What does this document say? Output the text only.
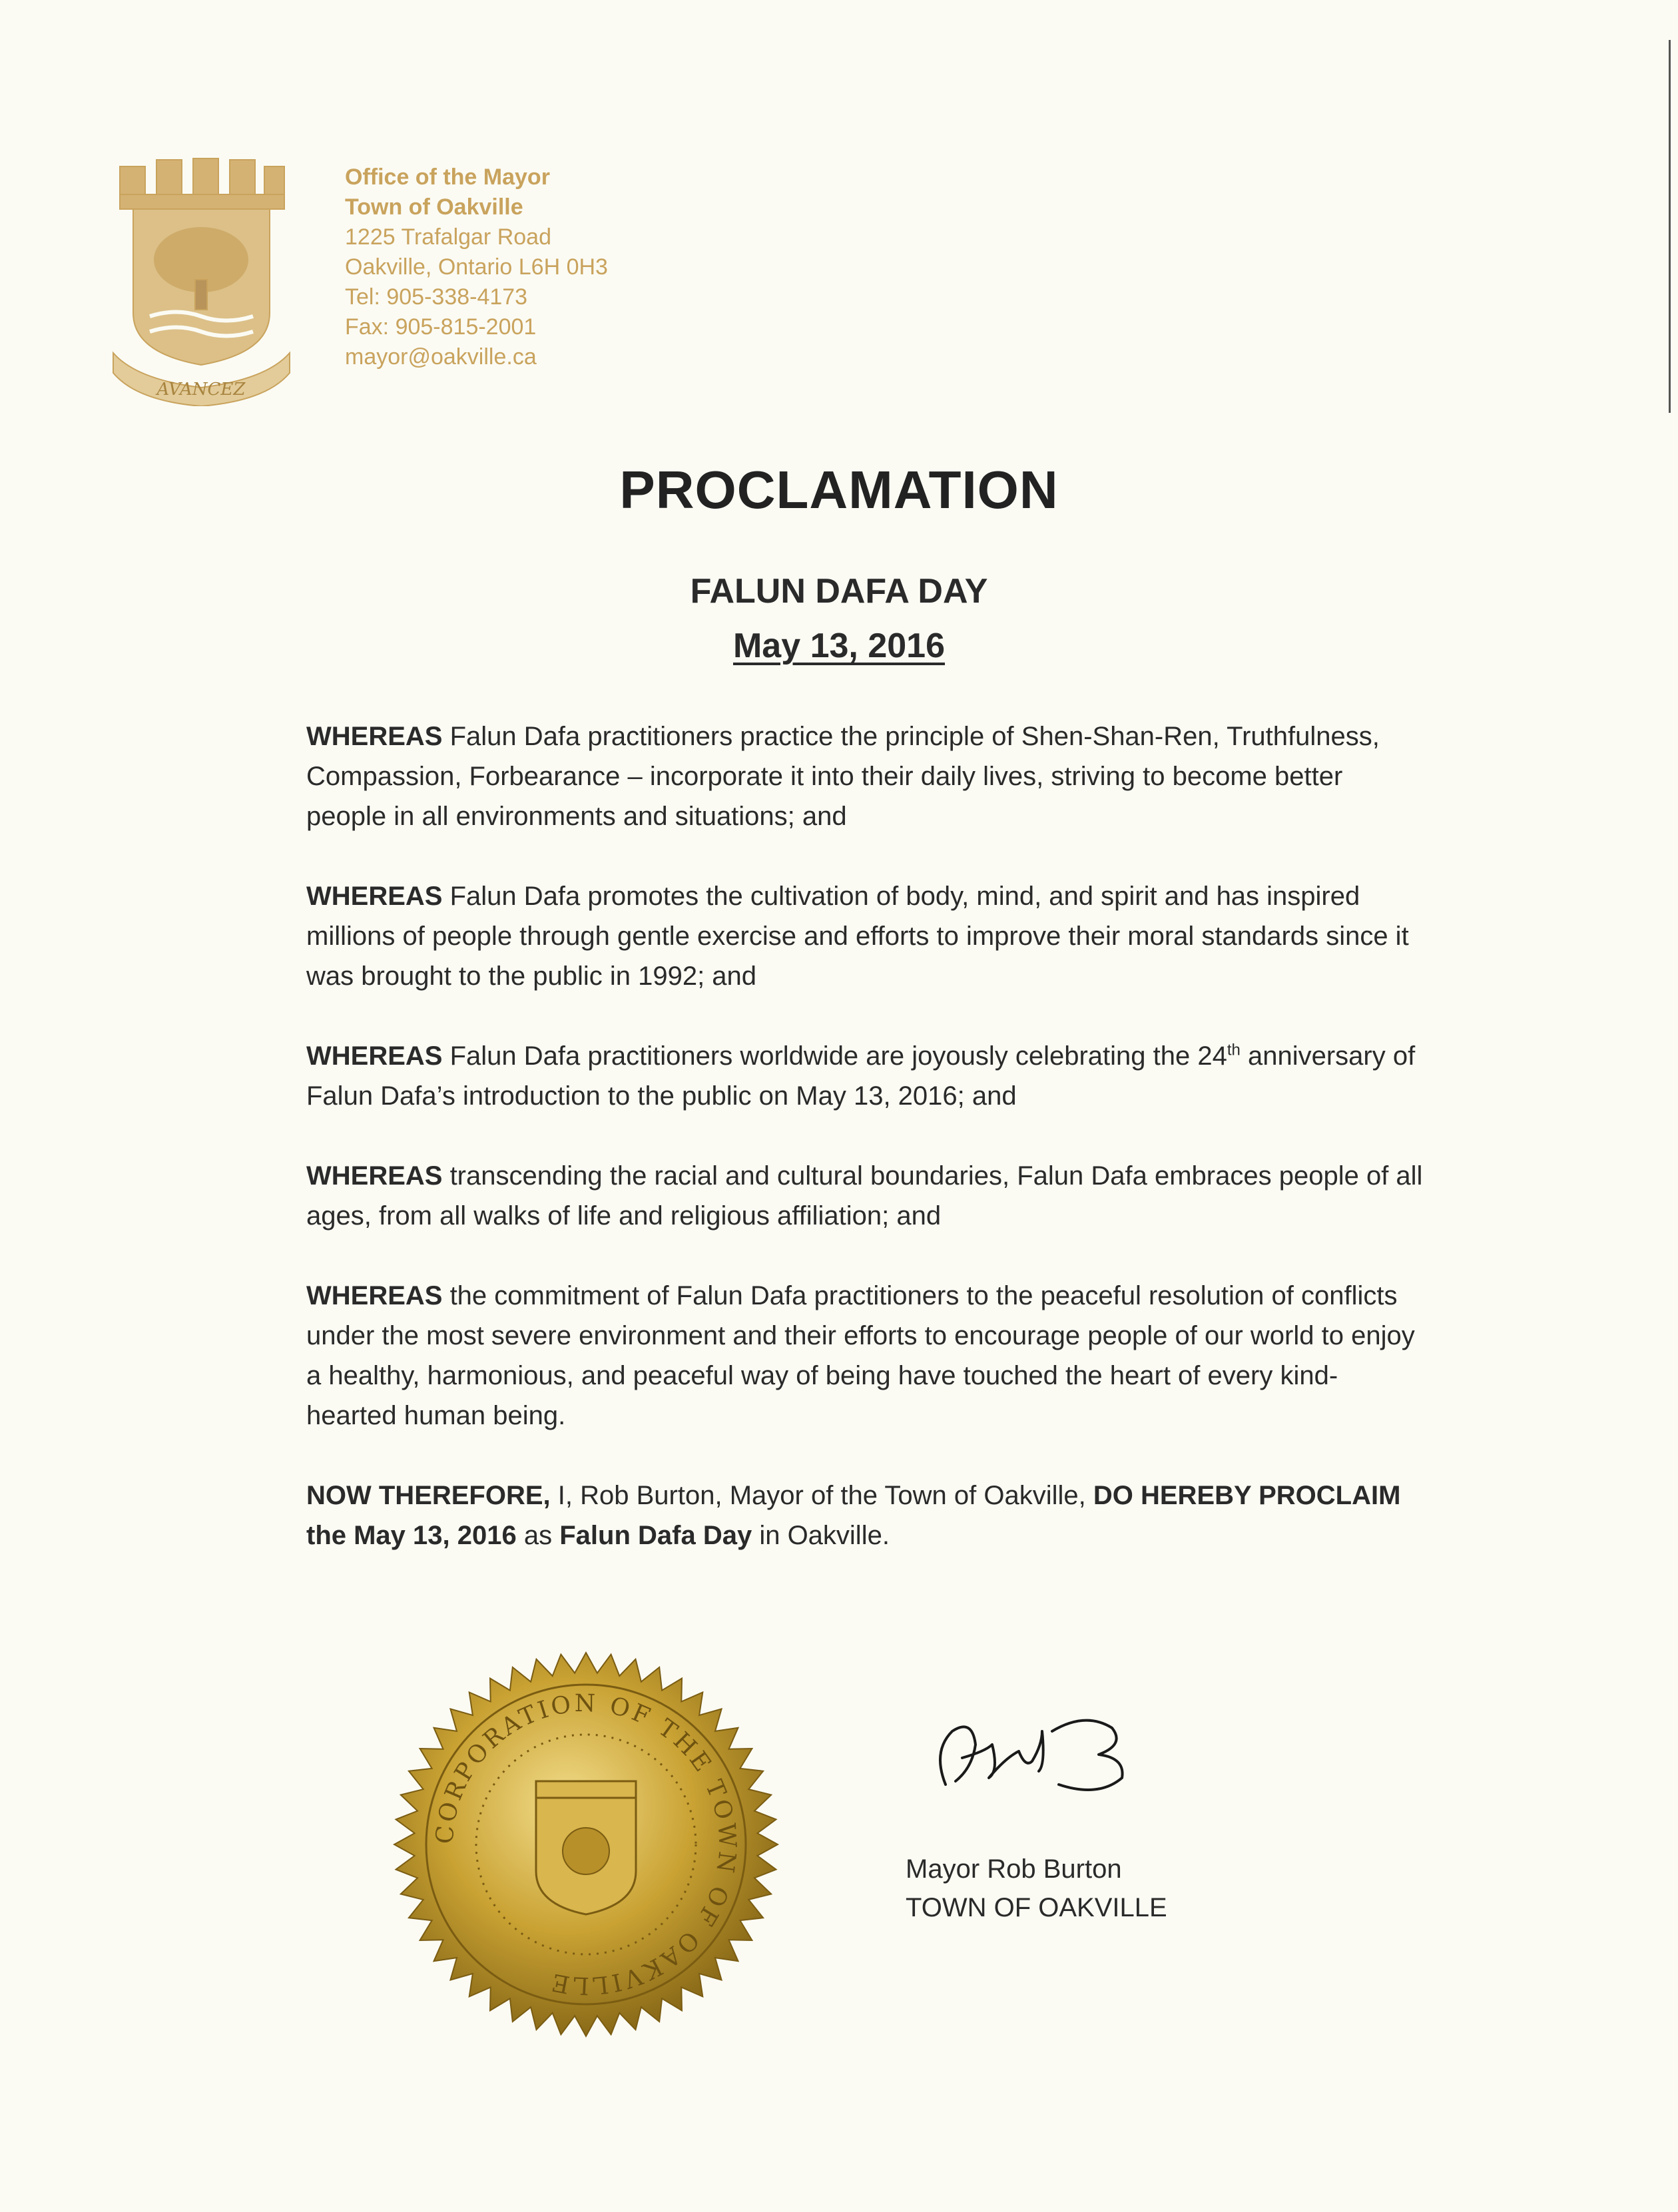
AVANCEZ
Office of the Mayor
Town of Oakville
1225 Trafalgar Road
Oakville, Ontario L6H 0H3
Tel: 905-338-4173
Fax: 905-815-2001
mayor@oakville.ca
PROCLAMATION
FALUN DAFA DAY
May 13, 2016

WHEREAS Falun Dafa practitioners practice the principle of Shen-Shan-Ren, Truthfulness, Compassion, Forbearance – incorporate it into their daily lives, striving to become better people in all environments and situations; and

WHEREAS Falun Dafa promotes the cultivation of body, mind, and spirit and has inspired millions of people through gentle exercise and efforts to improve their moral standards since it was brought to the public in 1992; and

WHEREAS Falun Dafa practitioners worldwide are joyously celebrating the 24th anniversary of Falun Dafa’s introduction to the public on May 13, 2016; and

WHEREAS transcending the racial and cultural boundaries, Falun Dafa embraces people of all ages, from all walks of life and religious affiliation; and

WHEREAS the commitment of Falun Dafa practitioners to the peaceful resolution of conflicts under the most severe environment and their efforts to encourage people of our world to enjoy a healthy, harmonious, and peaceful way of being have touched the heart of every kind-hearted human being.

NOW THEREFORE, I, Rob Burton, Mayor of the Town of Oakville, DO HEREBY PROCLAIM the May 13, 2016 as Falun Dafa Day in Oakville.

CORPORATION OF THE TOWN OF OAKVILLE
Mayor Rob Burton
TOWN OF OAKVILLE
